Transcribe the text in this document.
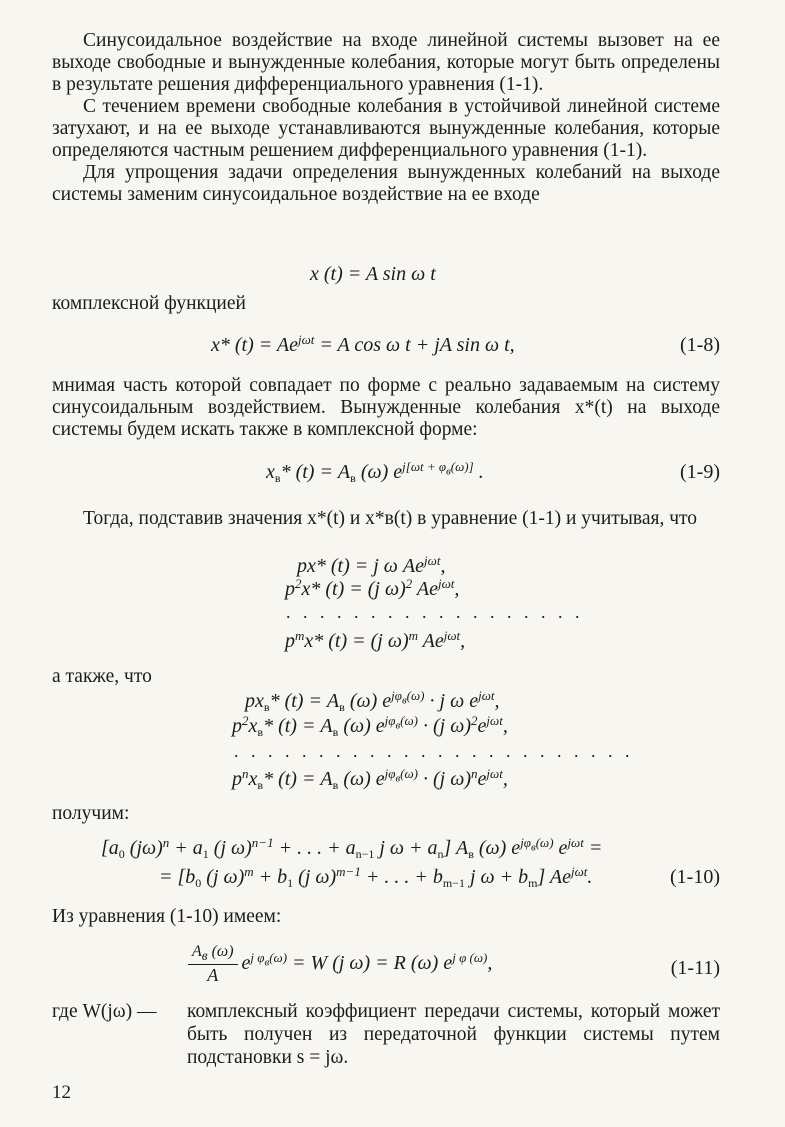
Синусоидальное воздействие на входе линейной системы вызовет на ее выходе свободные и вынужденные колебания, которые могут быть определены в результате решения дифференциального уравнения (1-1).

С течением времени свободные колебания в устойчивой линейной системе затухают, и на ее выходе устанавливаются вынужденные колебания, которые определяются частным решением дифференциального уравнения (1-1).

Для упрощения задачи определения вынужденных колебаний на выходе системы заменим синусоидальное воздействие на ее входе

x (t) = A sin ω t
комплексной функцией
x* $(t) = Ae^{j\omega t} = A$ cos ω t + jA sin ω t,	(1-8)

мнимая часть которой совпадает по форме с реально задаваемым на систему синусоидальным воздействием. Вынужденные колебания x*(t) на выходе системы будем искать также в комплексной форме:

$x_в*$ $(t) = A_в$ (ω) $e^{j[\omega t + \varphi_в(\omega)]}$ .	(1-9)

Тогда, подставив значения x*(t) и x*в(t) в уравнение (1-1) и учитывая, что

px* (t) = j ω $Ae^{j\omega t}$,
$p^2x*$ (t) = (j ω)$^2$ $Ae^{j\omega t}$,
. . . . . . . . . . . . . . . . . .
$p^mx*$ (t) = (j ω)$^m$ $Ae^{j\omega t}$,
а также, что
$px_в*$ $(t) = A_в$ (ω) $e^{j\varphi_в(\omega)} \cdot j$ ω $e^{j\omega t}$,
$p^2x_в*$ $(t) = A_в$ (ω) $e^{j\varphi_в(\omega)} \cdot (j$ $\omega)^2e^{j\omega t}$,
. . . . . . . . . . . . . . . . . . . . . . . .
$p^nx_в*$ $(t) = A_в$ (ω) $e^{j\varphi_в(\omega)} \cdot (j$ $\omega)^ne^{j\omega t}$,
получим:
[$a_0$ $(j\omega)^n + a_1$ (j ω)$^{n-1}$ + . . . + $a_{n-1}$ j $\omega + a_n$] $A_в$ (ω) $e^{j\varphi_в(\omega)}$ $e^{j\omega t}$ =
= [$b_0$ (j $\omega)^m + b_1$ (j ω)$^{m-1}$ + . . . + $b_{m-1}$ j $\omega + b_m$] $Ae^{j\omega t}$.	(1-10)
Из уравнения (1-10) имеем:
$\frac{A_в (\omega)}{A} e^{j \varphi_в(\omega)} = W$ (j ω) = R (ω) $e^{j \varphi (\omega)}$,	(1-11)
где W(jω) — комплексный коэффициент передачи системы, который может быть получен из передаточной функции системы путем подстановки s = jω.
12
